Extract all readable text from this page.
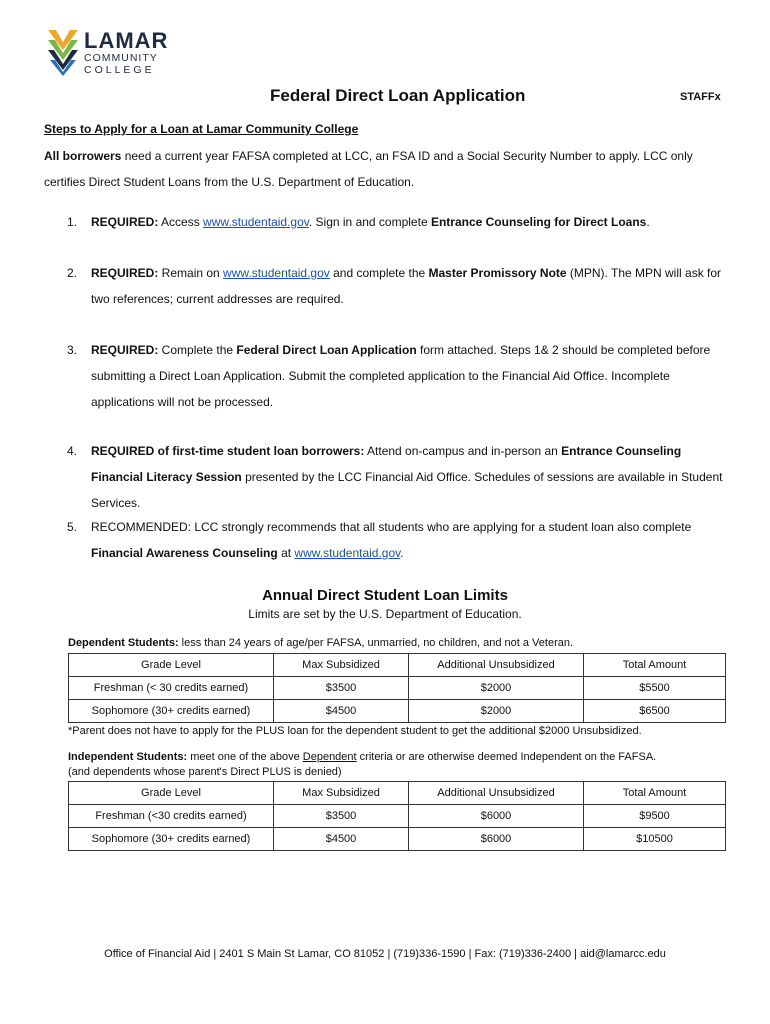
LAMAR
COMMUNITY
COLLEGE
Federal Direct Loan Application	STAFFx
Steps to Apply for a Loan at Lamar Community College
All borrowers need a current year FAFSA completed at LCC, an FSA ID and a Social Security Number to apply. LCC only certifies Direct Student Loans from the U.S. Department of Education.
1. REQUIRED: Access www.studentaid.gov. Sign in and complete Entrance Counseling for Direct Loans.
2. REQUIRED: Remain on www.studentaid.gov and complete the Master Promissory Note (MPN). The MPN will ask for two references; current addresses are required.
3. REQUIRED: Complete the Federal Direct Loan Application form attached. Steps 1& 2 should be completed before submitting a Direct Loan Application. Submit the completed application to the Financial Aid Office. Incomplete applications will not be processed.
4. REQUIRED of first-time student loan borrowers: Attend on-campus and in-person an Entrance Counseling Financial Literacy Session presented by the LCC Financial Aid Office. Schedules of sessions are available in Student Services.
5. RECOMMENDED: LCC strongly recommends that all students who are applying for a student loan also complete Financial Awareness Counseling at www.studentaid.gov.
Annual Direct Student Loan Limits
Limits are set by the U.S. Department of Education.
Dependent Students: less than 24 years of age/per FAFSA, unmarried, no children, and not a Veteran.
Grade Level	Max Subsidized	Additional Unsubsidized	Total Amount
Freshman (< 30 credits earned)	$3500	$2000	$5500
Sophomore (30+ credits earned)	$4500	$2000	$6500
*Parent does not have to apply for the PLUS loan for the dependent student to get the additional $2000 Unsubsidized.
Independent Students: meet one of the above Dependent criteria or are otherwise deemed Independent on the FAFSA.
(and dependents whose parent's Direct PLUS is denied)
Grade Level	Max Subsidized	Additional Unsubsidized	Total Amount
Freshman (<30 credits earned)	$3500	$6000	$9500
Sophomore (30+ credits earned)	$4500	$6000	$10500
Office of Financial Aid | 2401 S Main St Lamar, CO 81052 | (719)336-1590 | Fax: (719)336-2400 | aid@lamarcc.edu
